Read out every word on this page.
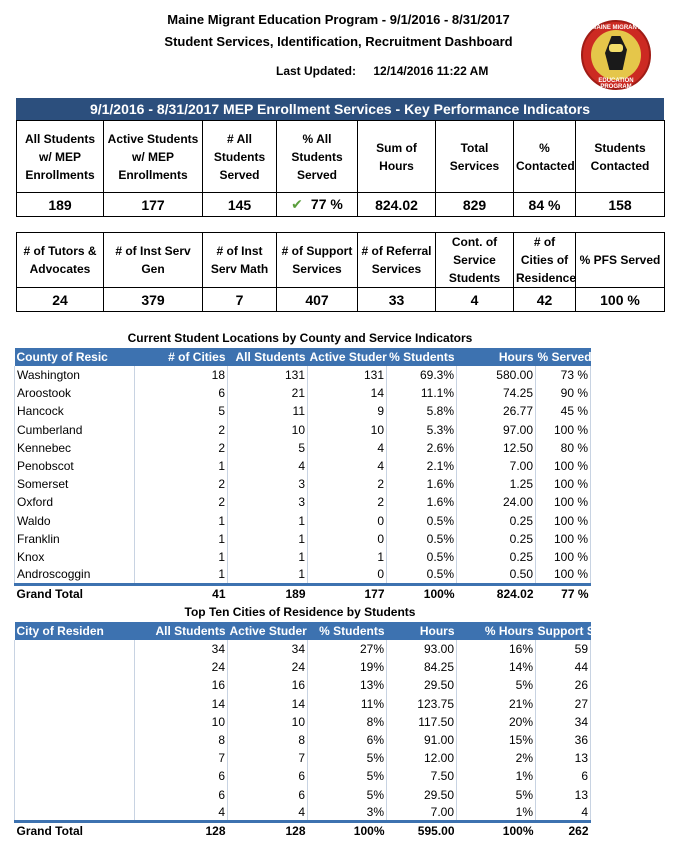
Maine Migrant Education Program - 9/1/2016 - 8/31/2017
Student Services, Identification, Recruitment Dashboard
Last Updated: 12/14/2016 11:22 AM
MAINE MIGRANT
EDUCATION PROGRAM
9/1/2016 - 8/31/2017 MEP Enrollment Services - Key Performance Indicators
All Students w/ MEP Enrollments	Active Students w/ MEP Enrollments	# All Students Served	% All Students Served	Sum of Hours	Total Services	% Contacted	Students Contacted
189	177	145	✔ 77 %	824.02	829	84 %	158
# of Tutors & Advocates	# of Inst Serv Gen	# of Inst Serv Math	# of Support Services	# of Referral Services	Cont. of Service Students	# of Cities of Residence	% PFS Served
24	379	7	407	33	4	42	100 %
Current Student Locations by County and Service Indicators
County of Resic	# of Cities	All Students	Active Studer	% Students	Hours	% Served
Washington	18	131	131	69.3%	580.00	73 %
Aroostook	6	21	14	11.1%	74.25	90 %
Hancock	5	11	9	5.8%	26.77	45 %
Cumberland	2	10	10	5.3%	97.00	100 %
Kennebec	2	5	4	2.6%	12.50	80 %
Penobscot	1	4	4	2.1%	7.00	100 %
Somerset	2	3	2	1.6%	1.25	100 %
Oxford	2	3	2	1.6%	24.00	100 %
Waldo	1	1	0	0.5%	0.25	100 %
Franklin	1	1	0	0.5%	0.25	100 %
Knox	1	1	1	0.5%	0.25	100 %
Androscoggin	1	1	0	0.5%	0.50	100 %
Grand Total	41	189	177	100%	824.02	77 %
Top Ten Cities of Residence by Students
City of Residen	All Students	Active Studer	% Students	Hours	% Hours	Support Se
	34	34	27%	93.00	16%	59
	24	24	19%	84.25	14%	44
	16	16	13%	29.50	5%	26
	14	14	11%	123.75	21%	27
	10	10	8%	117.50	20%	34
	8	8	6%	91.00	15%	36
	7	7	5%	12.00	2%	13
	6	6	5%	7.50	1%	6
	6	6	5%	29.50	5%	13
	4	4	3%	7.00	1%	4
Grand Total	128	128	100%	595.00	100%	262
